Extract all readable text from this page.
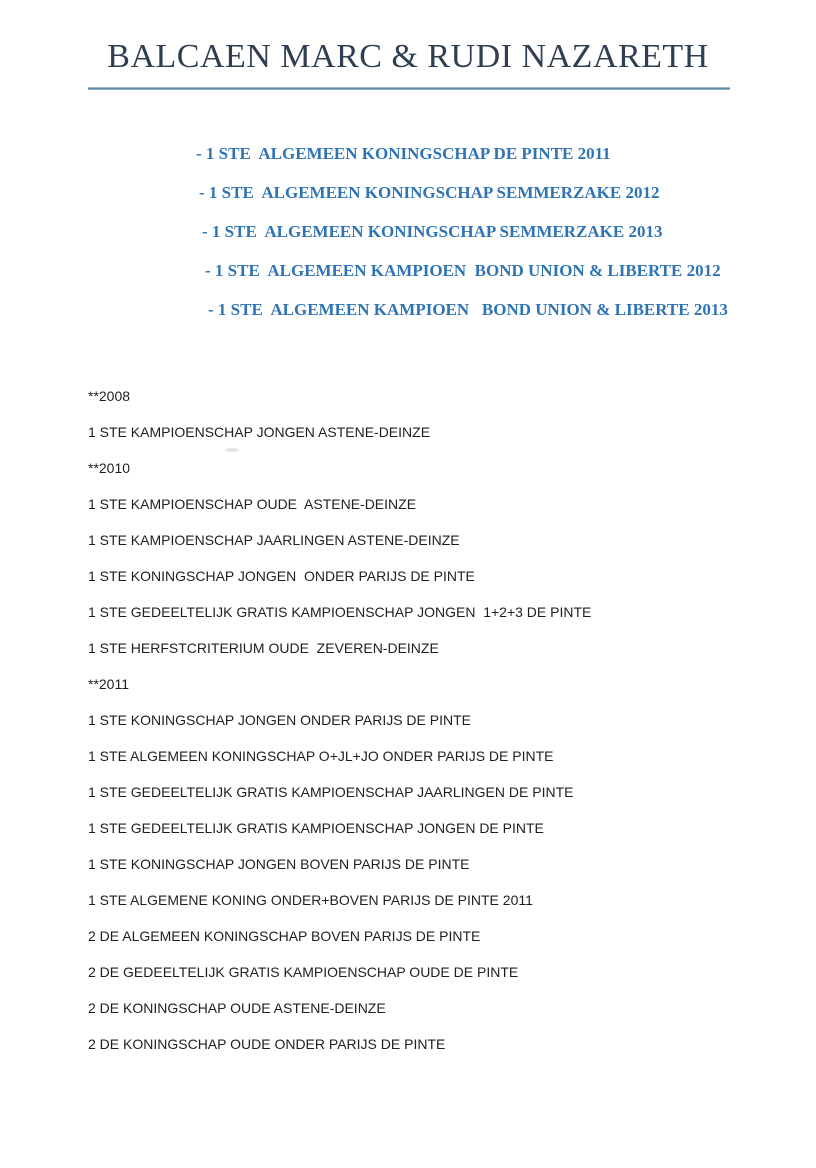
BALCAEN MARC & RUDI NAZARETH
- 1 STE  ALGEMEEN KONINGSCHAP DE PINTE 2011
- 1 STE  ALGEMEEN KONINGSCHAP SEMMERZAKE 2012
- 1 STE  ALGEMEEN KONINGSCHAP SEMMERZAKE 2013
- 1 STE  ALGEMEEN KAMPIOEN  BOND UNION & LIBERTE 2012
- 1 STE  ALGEMEEN KAMPIOEN   BOND UNION & LIBERTE 2013
**2008
1 STE KAMPIOENSCHAP JONGEN ASTENE-DEINZE
**2010
1 STE KAMPIOENSCHAP OUDE  ASTENE-DEINZE
1 STE KAMPIOENSCHAP JAARLINGEN ASTENE-DEINZE
1 STE KONINGSCHAP JONGEN  ONDER PARIJS DE PINTE
1 STE GEDEELTELIJK GRATIS KAMPIOENSCHAP JONGEN  1+2+3 DE PINTE
1 STE HERFSTCRITERIUM OUDE  ZEVEREN-DEINZE
**2011
1 STE KONINGSCHAP JONGEN ONDER PARIJS DE PINTE
1 STE ALGEMEEN KONINGSCHAP O+JL+JO ONDER PARIJS DE PINTE
1 STE GEDEELTELIJK GRATIS KAMPIOENSCHAP JAARLINGEN DE PINTE
1 STE GEDEELTELIJK GRATIS KAMPIOENSCHAP JONGEN DE PINTE
1 STE KONINGSCHAP JONGEN BOVEN PARIJS DE PINTE
1 STE ALGEMENE KONING ONDER+BOVEN PARIJS DE PINTE 2011
2 DE ALGEMEEN KONINGSCHAP BOVEN PARIJS DE PINTE
2 DE GEDEELTELIJK GRATIS KAMPIOENSCHAP OUDE DE PINTE
2 DE KONINGSCHAP OUDE ASTENE-DEINZE
2 DE KONINGSCHAP OUDE ONDER PARIJS DE PINTE
